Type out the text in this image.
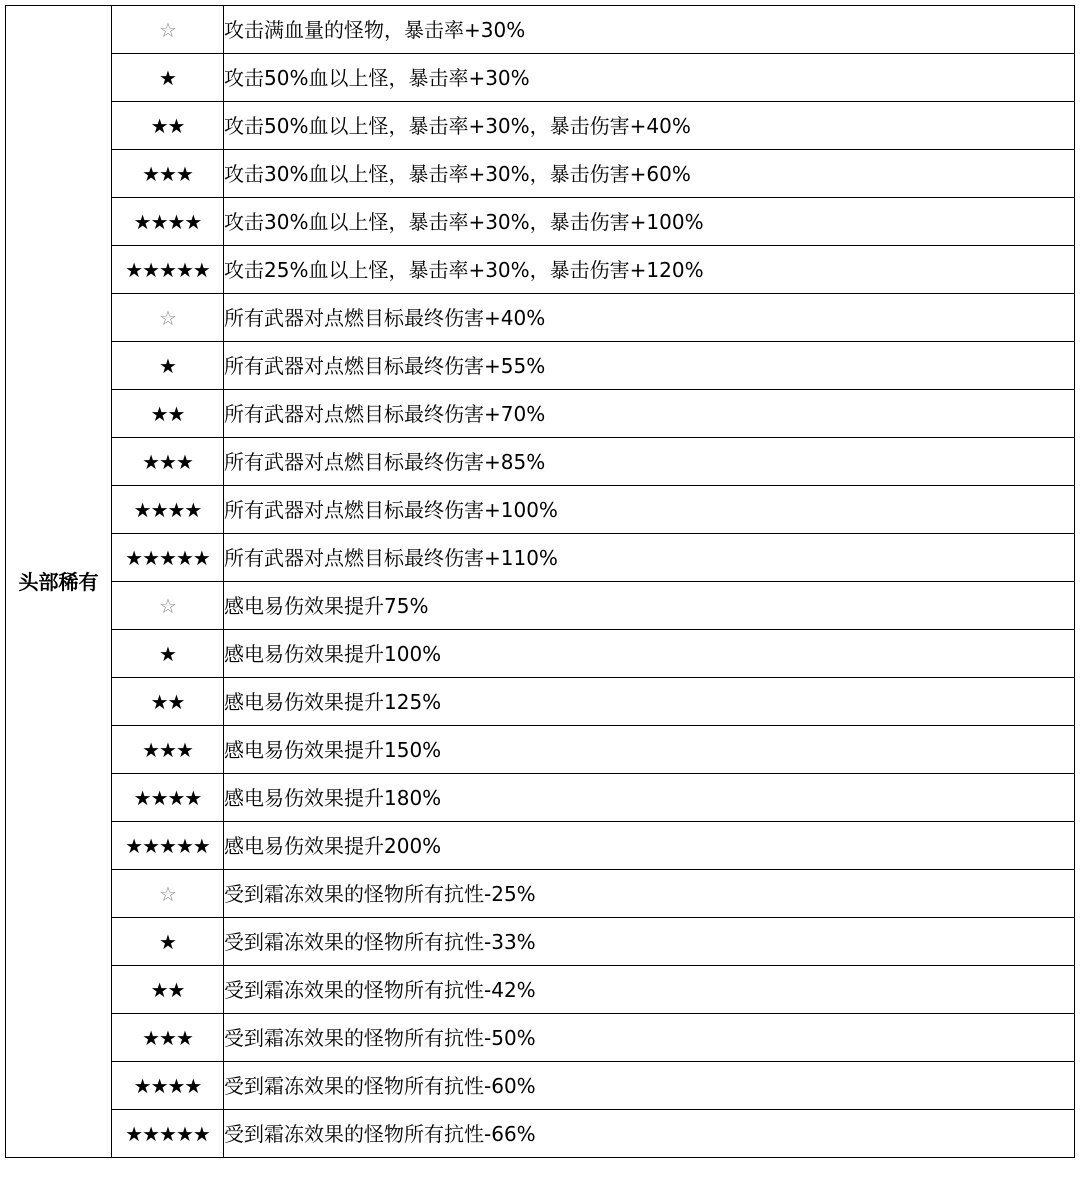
头部稀有	☆	攻击满血量的怪物，暴击率+30%
	★	攻击50%血以上怪，暴击率+30%
	★★	攻击50%血以上怪，暴击率+30%，暴击伤害+40%
	★★★	攻击30%血以上怪，暴击率+30%，暴击伤害+60%
	★★★★	攻击30%血以上怪，暴击率+30%，暴击伤害+100%
	★★★★★	攻击25%血以上怪，暴击率+30%，暴击伤害+120%
	☆	所有武器对点燃目标最终伤害+40%
	★	所有武器对点燃目标最终伤害+55%
	★★	所有武器对点燃目标最终伤害+70%
	★★★	所有武器对点燃目标最终伤害+85%
	★★★★	所有武器对点燃目标最终伤害+100%
	★★★★★	所有武器对点燃目标最终伤害+110%
	☆	感电易伤效果提升75%
	★	感电易伤效果提升100%
	★★	感电易伤效果提升125%
	★★★	感电易伤效果提升150%
	★★★★	感电易伤效果提升180%
	★★★★★	感电易伤效果提升200%
	☆	受到霜冻效果的怪物所有抗性-25%
	★	受到霜冻效果的怪物所有抗性-33%
	★★	受到霜冻效果的怪物所有抗性-42%
	★★★	受到霜冻效果的怪物所有抗性-50%
	★★★★	受到霜冻效果的怪物所有抗性-60%
	★★★★★	受到霜冻效果的怪物所有抗性-66%
